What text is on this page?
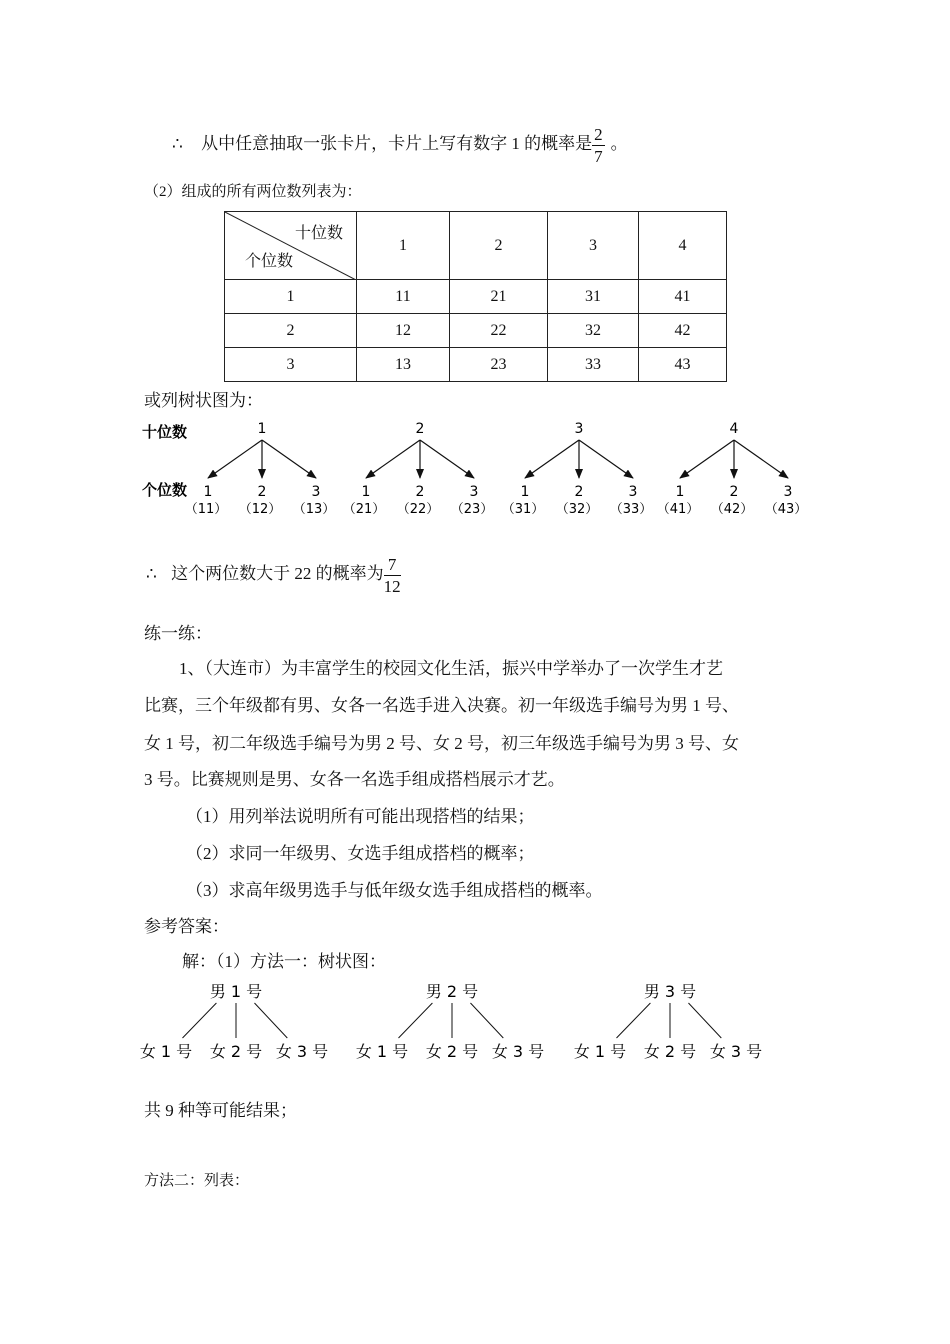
∴ 从中任意抽取一张卡片，卡片上写有数字 1 的概率是 $\frac{2}{7}$ 。
（2）组成的所有两位数列表为：
十位数
个位数	1	2	3	4
1	11	21	31	41
2	12	22	32	42
3	13	23	33	43
或列树状图为：
十位数
个位数
1
1
（11）
2
（12）
3
（13）
2
1
（21）
2
（22）
3
（23）
3
1
（31）
2
（32）
3
（33）
4
1
（41）
2
（42）
3
（43）
∴ 这个两位数大于 22 的概率为 $\frac{7}{12}$
练一练：
1、（大连市）为丰富学生的校园文化生活，振兴中学举办了一次学生才艺
比赛，三个年级都有男、女各一名选手进入决赛。初一年级选手编号为男 1 号、
女 1 号，初二年级选手编号为男 2 号、女 2 号，初三年级选手编号为男 3 号、女
3 号。比赛规则是男、女各一名选手组成搭档展示才艺。
（1）用列举法说明所有可能出现搭档的结果；
（2）求同一年级男、女选手组成搭档的概率；
（3）求高年级男选手与低年级女选手组成搭档的概率。
参考答案：
解：（1）方法一：树状图：
男 1 号
女 1 号 女 2 号 女 3 号
男 2 号
女 1 号 女 2 号 女 3 号
男 3 号
女 1 号 女 2 号 女 3 号
共 9 种等可能结果；
方法二：列表：
